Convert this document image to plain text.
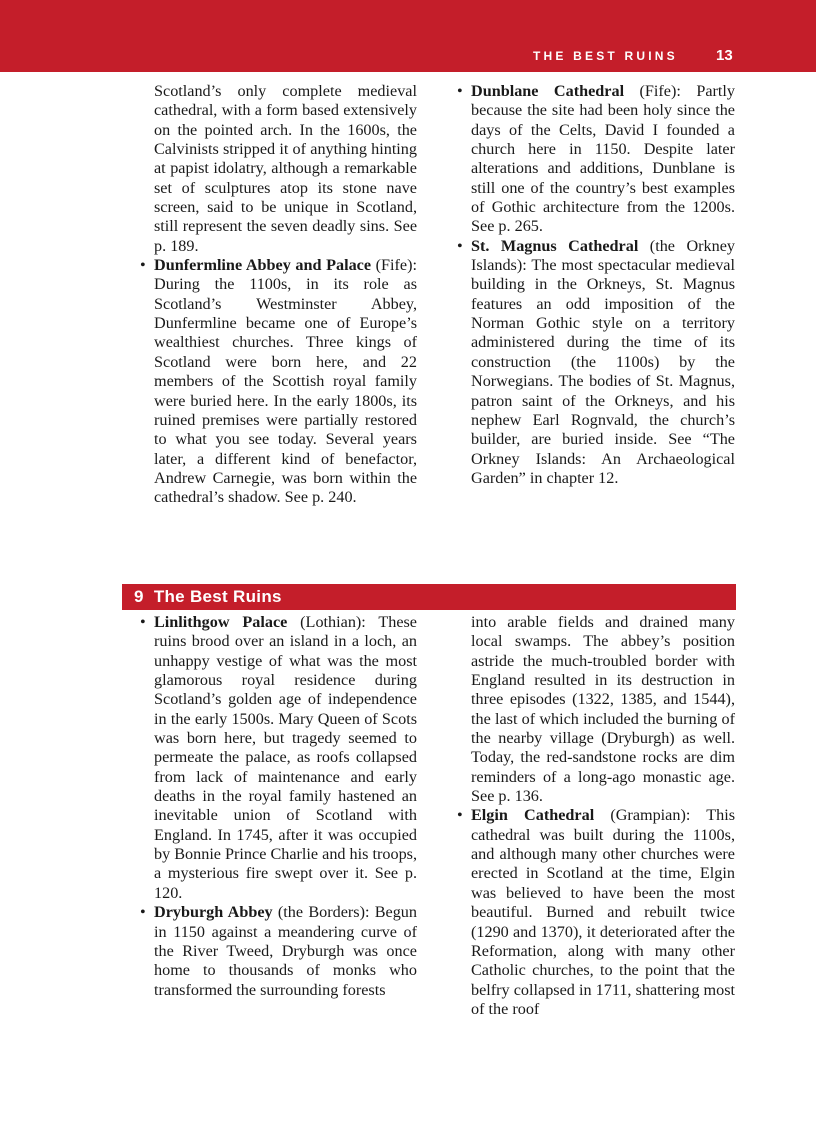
THE BEST RUINS	13

Scotland’s only complete medieval cathedral, with a form based extensively on the pointed arch. In the 1600s, the Calvinists stripped it of anything hinting at papist idolatry, although a remarkable set of sculptures atop its stone nave screen, said to be unique in Scotland, still represent the seven deadly sins. See p. 189.

• Dunfermline Abbey and Palace (Fife): During the 1100s, in its role as Scotland’s Westminster Abbey, Dunfermline became one of Europe’s wealthiest churches. Three kings of Scotland were born here, and 22 members of the Scottish royal family were buried here. In the early 1800s, its ruined premises were partially restored to what you see today. Several years later, a different kind of benefactor, Andrew Carnegie, was born within the cathedral’s shadow. See p. 240.

• Dunblane Cathedral (Fife): Partly because the site had been holy since the days of the Celts, David I founded a church here in 1150. Despite later alterations and additions, Dunblane is still one of the country’s best examples of Gothic architecture from the 1200s. See p. 265.

• St. Magnus Cathedral (the Orkney Islands): The most spectacular medieval building in the Orkneys, St. Magnus features an odd imposition of the Norman Gothic style on a territory administered during the time of its construction (the 1100s) by the Norwegians. The bodies of St. Magnus, patron saint of the Orkneys, and his nephew Earl Rognvald, the church’s builder, are buried inside. See “The Orkney Islands: An Archaeological Garden” in chapter 12.

9 The Best Ruins

• Linlithgow Palace (Lothian): These ruins brood over an island in a loch, an unhappy vestige of what was the most glamorous royal residence during Scotland’s golden age of independence in the early 1500s. Mary Queen of Scots was born here, but tragedy seemed to permeate the palace, as roofs collapsed from lack of maintenance and early deaths in the royal family hastened an inevitable union of Scotland with England. In 1745, after it was occupied by Bonnie Prince Charlie and his troops, a mysterious fire swept over it. See p. 120.

• Dryburgh Abbey (the Borders): Begun in 1150 against a meandering curve of the River Tweed, Dryburgh was once home to thousands of monks who transformed the surrounding forests

into arable fields and drained many local swamps. The abbey’s position astride the much-troubled border with England resulted in its destruction in three episodes (1322, 1385, and 1544), the last of which included the burning of the nearby village (Dryburgh) as well. Today, the red-sandstone rocks are dim reminders of a long-ago monastic age. See p. 136.

• Elgin Cathedral (Grampian): This cathedral was built during the 1100s, and although many other churches were erected in Scotland at the time, Elgin was believed to have been the most beautiful. Burned and rebuilt twice (1290 and 1370), it deteriorated after the Reformation, along with many other Catholic churches, to the point that the belfry collapsed in 1711, shattering most of the roof
